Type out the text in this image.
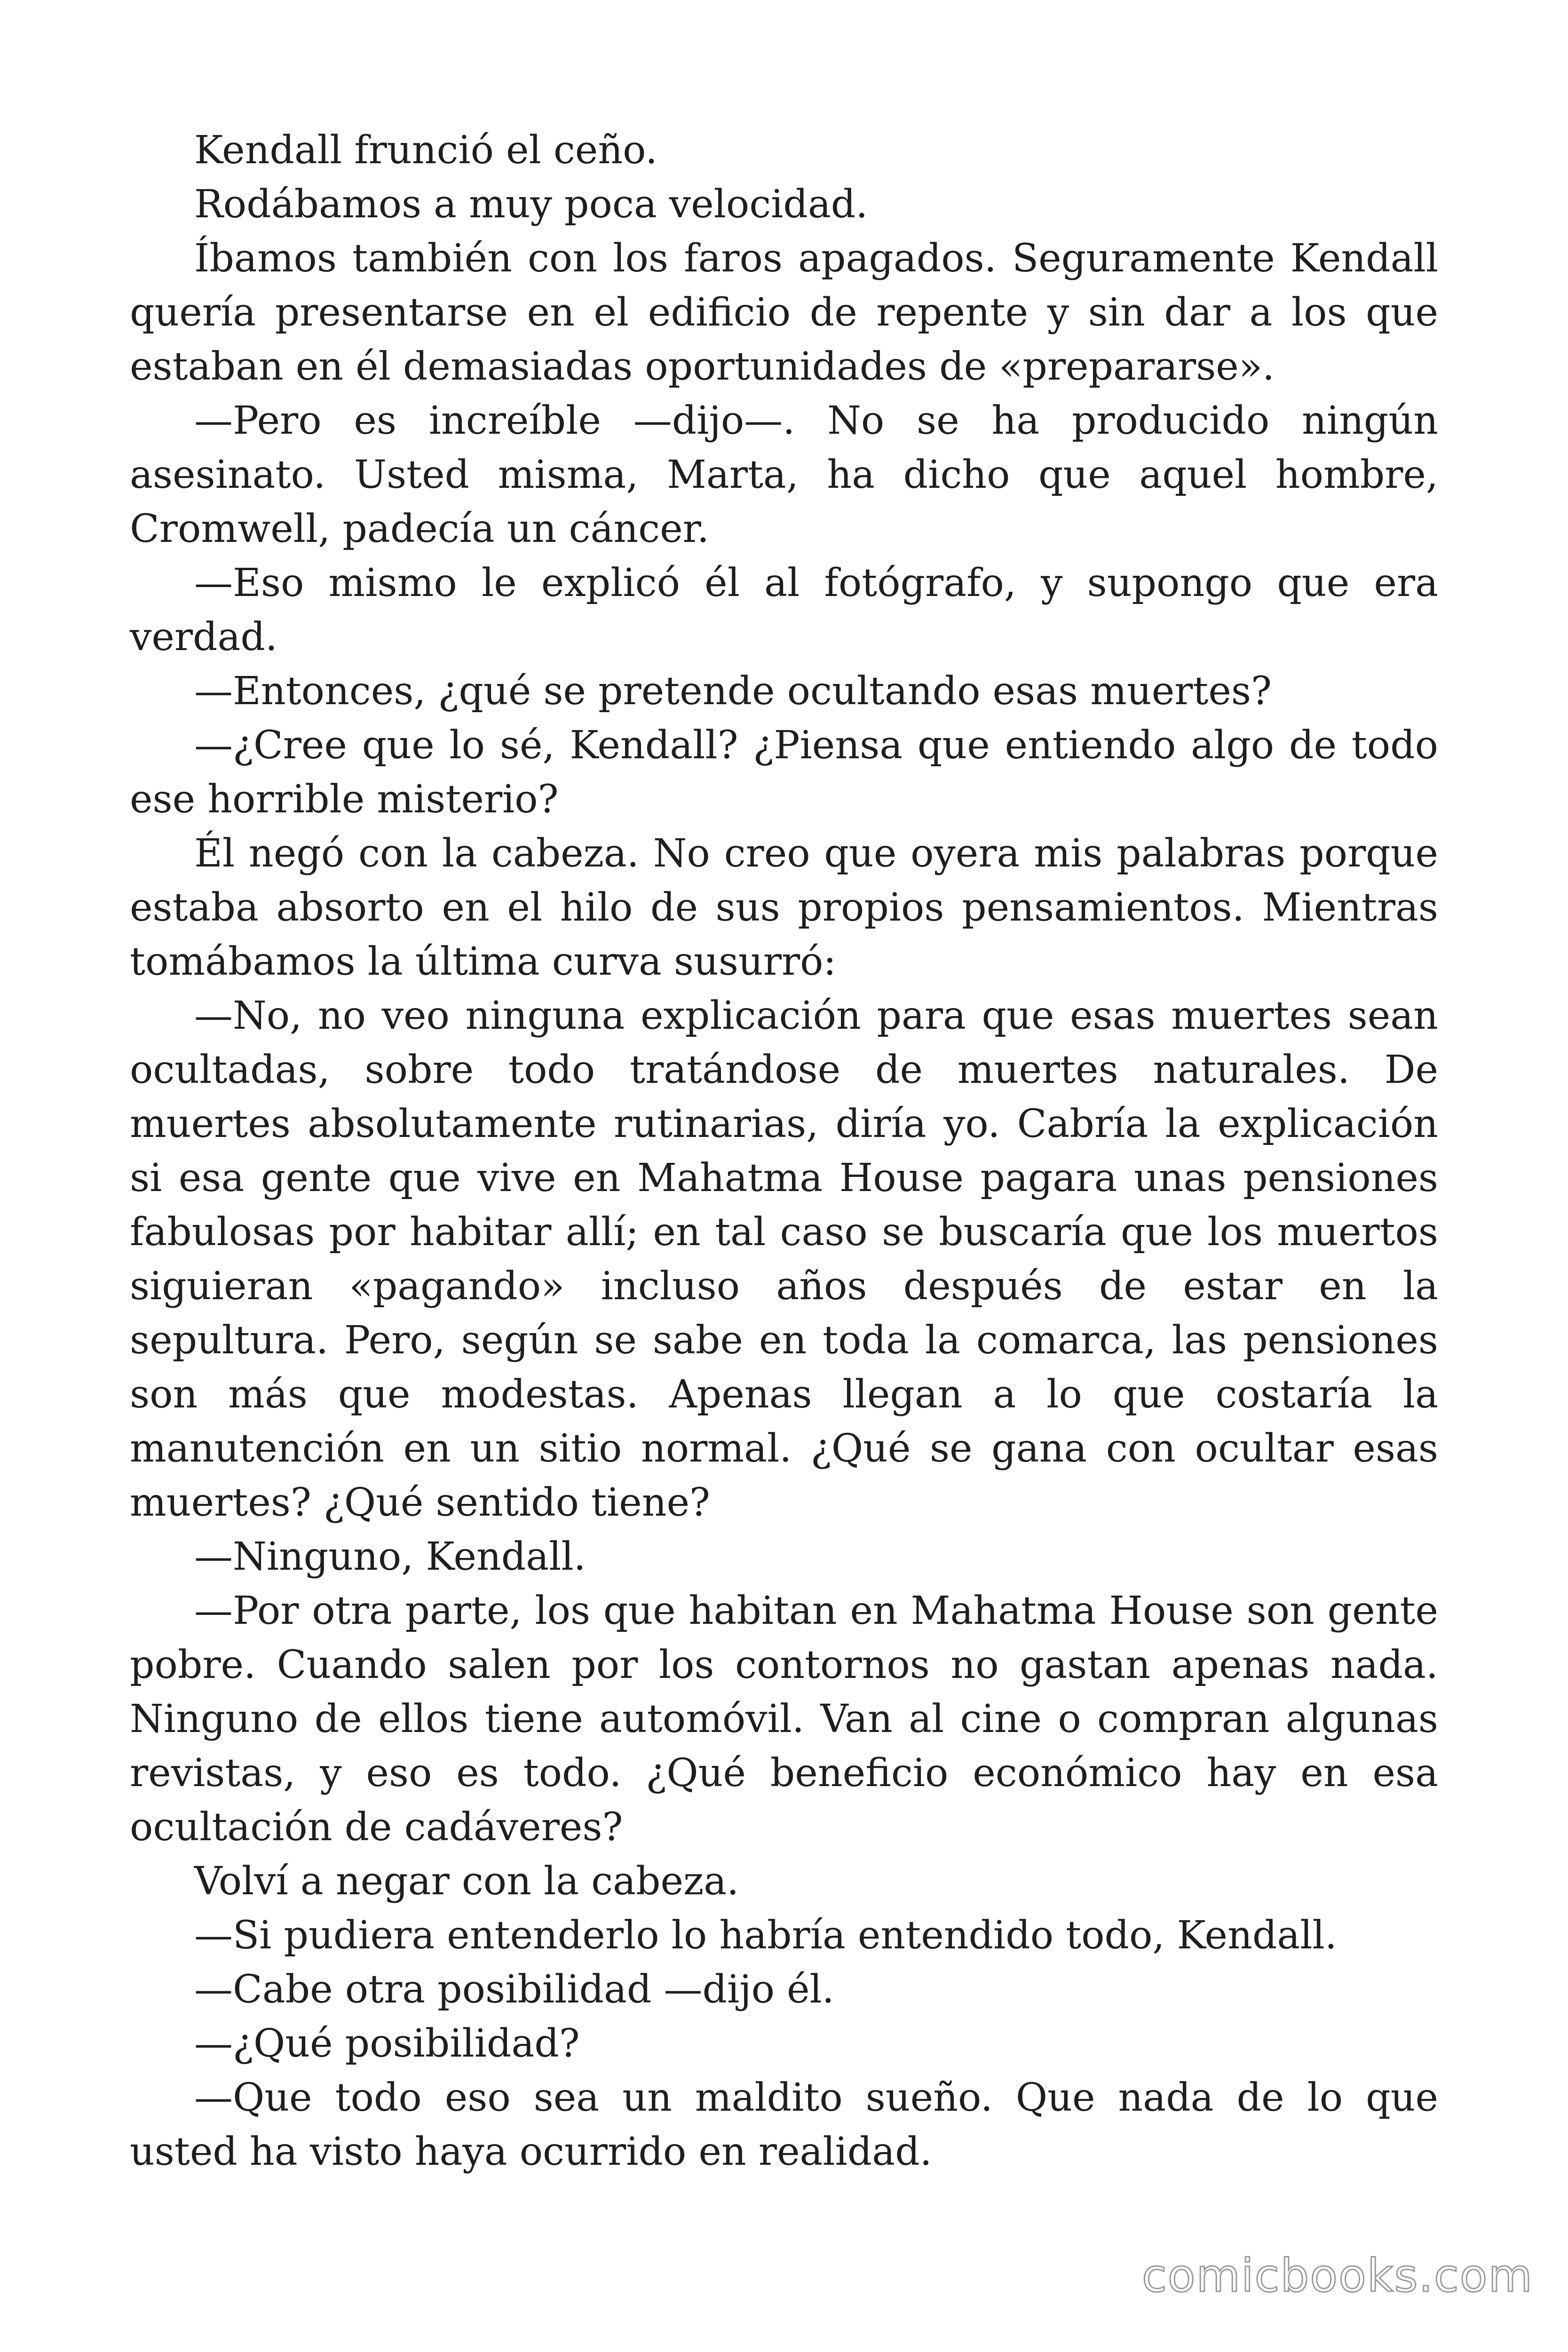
Kendall frunció el ceño.

Rodábamos a muy poca velocidad.

Íbamos también con los faros apagados. Seguramente Kendall quería presentarse en el edificio de repente y sin dar a los que estaban en él demasiadas oportunidades de «prepararse».

—Pero es increíble —dijo—. No se ha producido ningún asesinato. Usted misma, Marta, ha dicho que aquel hombre, Cromwell, padecía un cáncer.

—Eso mismo le explicó él al fotógrafo, y supongo que era verdad.

—Entonces, ¿qué se pretende ocultando esas muertes?

—¿Cree que lo sé, Kendall? ¿Piensa que entiendo algo de todo ese horrible misterio?

Él negó con la cabeza. No creo que oyera mis palabras porque estaba absorto en el hilo de sus propios pensamientos. Mientras tomábamos la última curva susurró:

—No, no veo ninguna explicación para que esas muertes sean ocultadas, sobre todo tratándose de muertes naturales. De muertes absolutamente rutinarias, diría yo. Cabría la explicación si esa gente que vive en Mahatma House pagara unas pensiones fabulosas por habitar allí; en tal caso se buscaría que los muertos siguieran «pagando» incluso años después de estar en la sepultura. Pero, según se sabe en toda la comarca, las pensiones son más que modestas. Apenas llegan a lo que costaría la manutención en un sitio normal. ¿Qué se gana con ocultar esas muertes? ¿Qué sentido tiene?

—Ninguno, Kendall.

—Por otra parte, los que habitan en Mahatma House son gente pobre. Cuando salen por los contornos no gastan apenas nada. Ninguno de ellos tiene automóvil. Van al cine o compran algunas revistas, y eso es todo. ¿Qué beneficio económico hay en esa ocultación de cadáveres?

Volví a negar con la cabeza.

—Si pudiera entenderlo lo habría entendido todo, Kendall.

—Cabe otra posibilidad —dijo él.

—¿Qué posibilidad?

—Que todo eso sea un maldito sueño. Que nada de lo que usted ha visto haya ocurrido en realidad.

comicbooks.com
